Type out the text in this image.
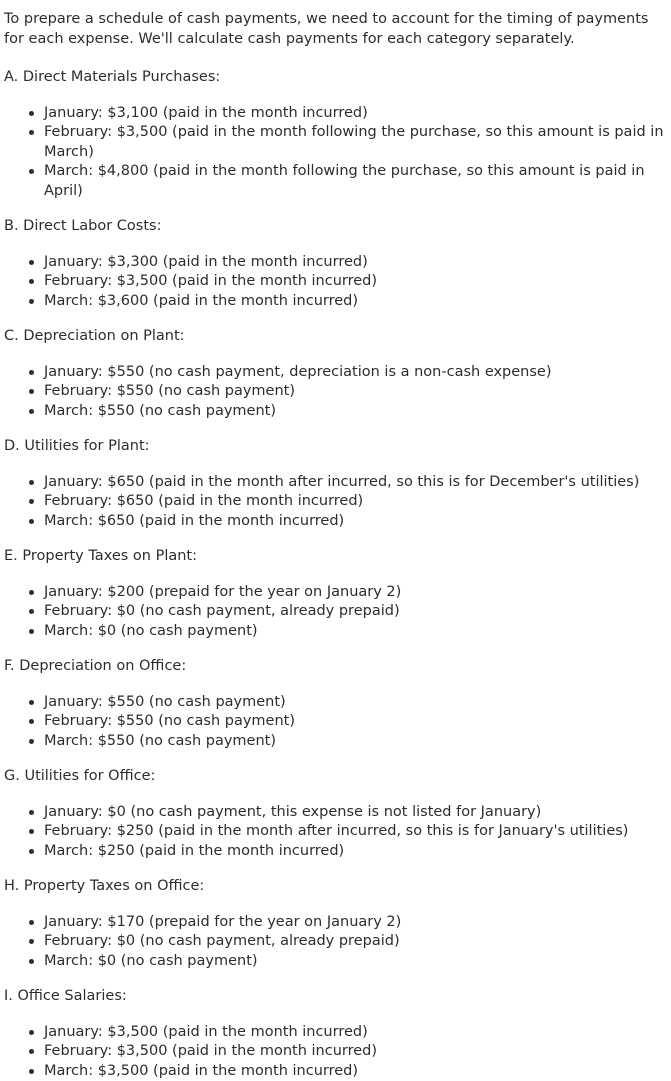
To prepare a schedule of cash payments, we need to account for the timing of payments for each expense. We'll calculate cash payments for each category separately.

A. Direct Materials Purchases:

January: $3,100 (paid in the month incurred)
February: $3,500 (paid in the month following the purchase, so this amount is paid in March)
March: $4,800 (paid in the month following the purchase, so this amount is paid in April)

B. Direct Labor Costs:

January: $3,300 (paid in the month incurred)
February: $3,500 (paid in the month incurred)
March: $3,600 (paid in the month incurred)

C. Depreciation on Plant:

January: $550 (no cash payment, depreciation is a non-cash expense)
February: $550 (no cash payment)
March: $550 (no cash payment)

D. Utilities for Plant:

January: $650 (paid in the month after incurred, so this is for December's utilities)
February: $650 (paid in the month incurred)
March: $650 (paid in the month incurred)

E. Property Taxes on Plant:

January: $200 (prepaid for the year on January 2)
February: $0 (no cash payment, already prepaid)
March: $0 (no cash payment)

F. Depreciation on Office:

January: $550 (no cash payment)
February: $550 (no cash payment)
March: $550 (no cash payment)

G. Utilities for Office:

January: $0 (no cash payment, this expense is not listed for January)
February: $250 (paid in the month after incurred, so this is for January's utilities)
March: $250 (paid in the month incurred)

H. Property Taxes on Office:

January: $170 (prepaid for the year on January 2)
February: $0 (no cash payment, already prepaid)
March: $0 (no cash payment)

I. Office Salaries:

January: $3,500 (paid in the month incurred)
February: $3,500 (paid in the month incurred)
March: $3,500 (paid in the month incurred)
